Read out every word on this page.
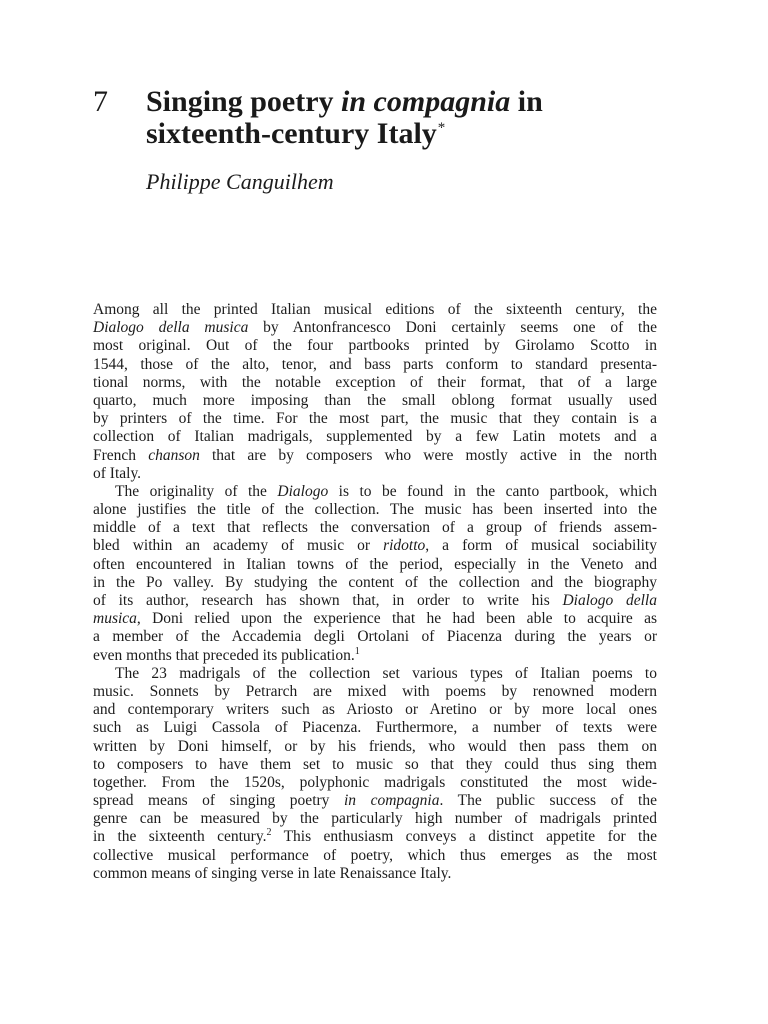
7 Singing poetry in compagnia in
sixteenth-century Italy*
Philippe Canguilhem
Among all the printed Italian musical editions of the sixteenth century, the
Dialogo della musica by Antonfrancesco Doni certainly seems one of the
most original. Out of the four partbooks printed by Girolamo Scotto in
1544, those of the alto, tenor, and bass parts conform to standard presenta-
tional norms, with the notable exception of their format, that of a large
quarto, much more imposing than the small oblong format usually used
by printers of the time. For the most part, the music that they contain is a
collection of Italian madrigals, supplemented by a few Latin motets and a
French chanson that are by composers who were mostly active in the north
of Italy.
The originality of the Dialogo is to be found in the canto partbook, which
alone justifies the title of the collection. The music has been inserted into the
middle of a text that reflects the conversation of a group of friends assem-
bled within an academy of music or ridotto, a form of musical sociability
often encountered in Italian towns of the period, especially in the Veneto and
in the Po valley. By studying the content of the collection and the biography
of its author, research has shown that, in order to write his Dialogo della
musica, Doni relied upon the experience that he had been able to acquire as
a member of the Accademia degli Ortolani of Piacenza during the years or
even months that preceded its publication.$^1$
The 23 madrigals of the collection set various types of Italian poems to
music. Sonnets by Petrarch are mixed with poems by renowned modern
and contemporary writers such as Ariosto or Aretino or by more local ones
such as Luigi Cassola of Piacenza. Furthermore, a number of texts were
written by Doni himself, or by his friends, who would then pass them on
to composers to have them set to music so that they could thus sing them
together. From the 1520s, polyphonic madrigals constituted the most wide-
spread means of singing poetry in compagnia. The public success of the
genre can be measured by the particularly high number of madrigals printed
in the sixteenth century.$^2$ This enthusiasm conveys a distinct appetite for the
collective musical performance of poetry, which thus emerges as the most
common means of singing verse in late Renaissance Italy.
